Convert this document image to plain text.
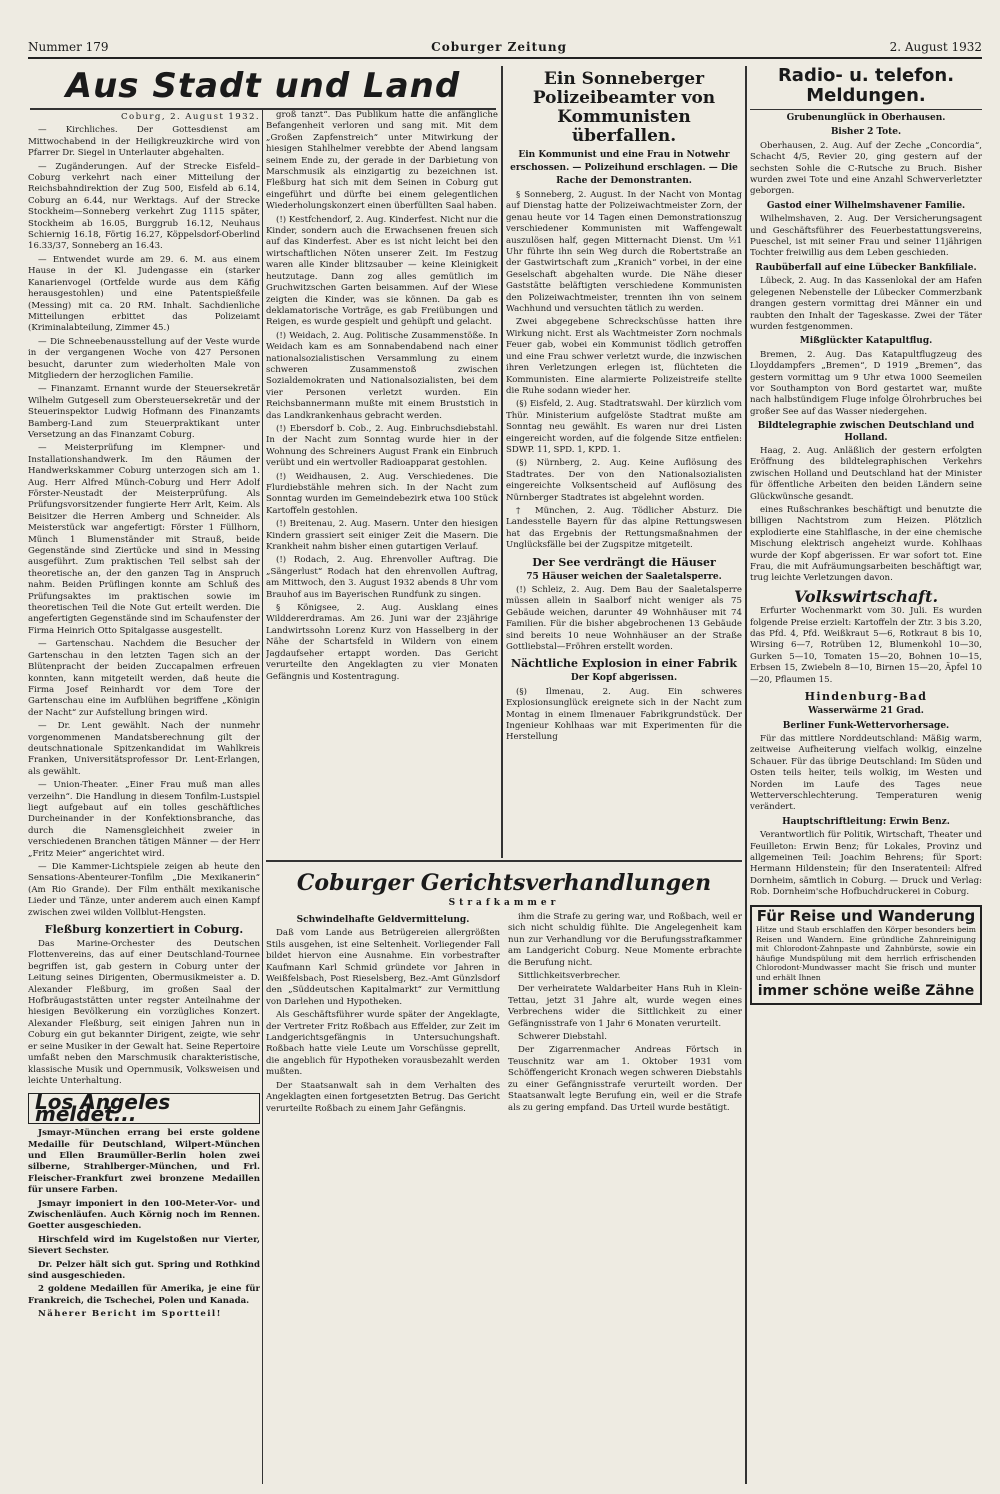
Nummer 179	Coburger Zeitung	2. August 1932
Aus Stadt und Land

Coburg, 2. August 1932.

— Kirchliches. Der Gottesdienst am Mittwochabend in der Heiligkreuzkirche wird von Pfarrer Dr. Siegel in Unterlauter abgehalten.

— Zugänderungen. Auf der Strecke Eisfeld–Coburg verkehrt nach einer Mitteilung der Reichsbahndirektion der Zug 500, Eisfeld ab 6.14, Coburg an 6.44, nur Werktags. Auf der Strecke Stockheim—Sonneberg verkehrt Zug 1115 später, Stockheim ab 16.05, Burggrub 16.12, Neuhaus Schiernig 16.18, Förtig 16.27, Köppelsdorf-Oberlind 16.33/37, Sonneberg an 16.43.

— Entwendet wurde am 29. 6. M. aus einem Hause in der Kl. Judengasse ein (starker Kanarienvogel (Ortfelde wurde aus dem Käfig herausgestohlen) und eine Patentspießfeile (Messing) mit ca. 20 RM. Inhalt. Sachdienliche Mitteilungen erbittet das Polizeiamt (Kriminalabteilung, Zimmer 45.)

— Die Schneebenausstellung auf der Veste wurde in der vergangenen Woche von 427 Personen besucht, darunter zum wiederholten Male von Mitgliedern der herzoglichen Familie.

— Finanzamt. Ernannt wurde der Steuersekretär Wilhelm Gutgesell zum Obersteuersekretär und der Steuerinspektor Ludwig Hofmann des Finanzamts Bamberg-Land zum Steuerpraktikant unter Versetzung an das Finanzamt Coburg.

— Meisterprüfung im Klempner- und Installationshandwerk. Im den Räumen der Handwerkskammer Coburg unterzogen sich am 1. Aug. Herr Alfred Münch-Coburg und Herr Adolf Förster-Neustadt der Meisterprüfung. Als Prüfungsvorsitzender fungierte Herr Arlt, Keim. Als Beisitzer die Herren Amberg und Schneider. Als Meisterstück war angefertigt: Förster 1 Füllhorn, Münch 1 Blumenständer mit Strauß, beide Gegenstände sind Ziertücke und sind in Messing ausgeführt. Zum praktischen Teil selbst sah der theoretische an, der den ganzen Tag in Anspruch nahm. Beiden Prüflingen konnte am Schluß des Prüfungsaktes im praktischen sowie im theoretischen Teil die Note Gut erteilt werden. Die angefertigten Gegenstände sind im Schaufenster der Firma Heinrich Otto Spitalgasse ausgestellt.

— Gartenschau. Nachdem die Besucher der Gartenschau in den letzten Tagen sich an der Blütenpracht der beiden Zuccapalmen erfreuen konnten, kann mitgeteilt werden, daß heute die Firma Josef Reinhardt vor dem Tore der Gartenschau eine im Aufblühen begriffene „Königin der Nacht“ zur Aufstellung bringen wird.

— Dr. Lent gewählt. Nach der nunmehr vorgenommenen Mandatsberechnung gilt der deutschnationale Spitzenkandidat im Wahlkreis Franken, Universitätsprofessor Dr. Lent-Erlangen, als gewählt.

— Union-Theater. „Einer Frau muß man alles verzeihn“. Die Handlung in diesem Tonfilm-Lustspiel liegt aufgebaut auf ein tolles geschäftliches Durcheinander in der Konfektionsbranche, das durch die Namensgleichheit zweier in verschiedenen Branchen tätigen Männer — der Herr „Fritz Meier“ angerichtet wird.

— Die Kammer-Lichtspiele zeigen ab heute den Sensations-Abenteurer-Tonfilm „Die Mexikanerin“ (Am Rio Grande). Der Film enthält mexikanische Lieder und Tänze, unter anderem auch einen Kampf zwischen zwei wilden Vollblut-Hengsten.

Fleßburg konzertiert in Coburg.

Das Marine-Orchester des Deutschen Flottenvereins, das auf einer Deutschland-Tournee begriffen ist, gab gestern in Coburg unter der Leitung seines Dirigenten, Obermusikmeister a. D. Alexander Fleßburg, im großen Saal der Hofbräugaststätten unter regster Anteilnahme der hiesigen Bevölkerung ein vorzügliches Konzert. Alexander Fleßburg, seit einigen Jahren nun in Coburg ein gut bekannter Dirigent, zeigte, wie sehr er seine Musiker in der Gewalt hat. Seine Repertoire umfaßt neben den Marschmusik charakteristische, klassische Musik und Opernmusik, Volksweisen und leichte Unterhaltung.

Los Angeles meldet...

Jsmayr-München errang bei erste goldene Medaille für Deutschland, Wilpert-München und Ellen Braumüller-Berlin holen zwei silberne, Strahlberger-München, und Frl. Fleischer-Frankfurt zwei bronzene Medaillen für unsere Farben.

Jsmayr imponiert in den 100-Meter-Vor- und Zwischenläufen. Auch Körnig noch im Rennen. Goetter ausgeschieden.

Hirschfeld wird im Kugelstoßen nur Vierter, Sievert Sechster.

Dr. Pelzer hält sich gut. Spring und Rothkind sind ausgeschieden.

2 goldene Medaillen für Amerika, je eine für Frankreich, die Tschechei, Polen und Kanada.

Näherer Bericht im Sportteil!

groß tanzt“. Das Publikum hatte die anfängliche Befangenheit verloren und sang mit. Mit dem „Großen Zapfenstreich“ unter Mitwirkung der hiesigen Stahlhelmer verebbte der Abend langsam seinem Ende zu, der gerade in der Darbietung von Marschmusik als einzigartig zu bezeichnen ist. Fleßburg hat sich mit dem Seinen in Coburg gut eingeführt und dürfte bei einem gelegentlichen Wiederholungskonzert einen überfüllten Saal haben.

(!) Kestfchendorf, 2. Aug. Kinderfest. Nicht nur die Kinder, sondern auch die Erwachsenen freuen sich auf das Kinderfest. Aber es ist nicht leicht bei den wirtschaftlichen Nöten unserer Zeit. Im Festzug waren alle Kinder blitzsauber — keine Kleinigkeit heutzutage. Dann zog alles gemütlich im Gruchwitzschen Garten beisammen. Auf der Wiese zeigten die Kinder, was sie können. Da gab es deklamatorische Vorträge, es gab Freiübungen und Reigen, es wurde gespielt und gehüpft und gelacht.

(!) Weidach, 2. Aug. Politische Zusammenstöße. In Weidach kam es am Sonnabendabend nach einer nationalsozialistischen Versammlung zu einem schweren Zusammenstoß zwischen Sozialdemokraten und Nationalsozialisten, bei dem vier Personen verletzt wurden. Ein Reichsbannermann mußte mit einem Bruststich in das Landkrankenhaus gebracht werden.

(!) Ebersdorf b. Cob., 2. Aug. Einbruchsdiebstahl. In der Nacht zum Sonntag wurde hier in der Wohnung des Schreiners August Frank ein Einbruch verübt und ein wertvoller Radioapparat gestohlen.

(!) Weidhausen, 2. Aug. Verschiedenes. Die Flurdiebstähle mehren sich. In der Nacht zum Sonntag wurden im Gemeindebezirk etwa 100 Stück Kartoffeln gestohlen.

(!) Breitenau, 2. Aug. Masern. Unter den hiesigen Kindern grassiert seit einiger Zeit die Masern. Die Krankheit nahm bisher einen gutartigen Verlauf.

(!) Rodach, 2. Aug. Ehrenvoller Auftrag. Die „Sängerlust“ Rodach hat den ehrenvollen Auftrag, am Mittwoch, den 3. August 1932 abends 8 Uhr vom Brauhof aus im Bayerischen Rundfunk zu singen.

§ Königsee, 2. Aug. Ausklang eines Wilddererdramas. Am 26. Juni war der 23jährige Landwirtssohn Lorenz Kurz von Hasselberg in der Nähe der Schartsfeld in Wildern von einem Jagdaufseher ertappt worden. Das Gericht verurteilte den Angeklagten zu vier Monaten Gefängnis und Kostentragung.

Ein Sonneberger Polizeibeamter von Kommunisten überfallen.
Ein Kommunist und eine Frau in Notwehr erschossen. — Polizeihund erschlagen. — Die Rache der Demonstranten.

§ Sonneberg, 2. August. In der Nacht von Montag auf Dienstag hatte der Polizeiwachtmeister Zorn, der genau heute vor 14 Tagen einen Demonstrationszug verschiedener Kommunisten mit Waffengewalt auszulösen half, gegen Mitternacht Dienst. Um ½1 Uhr führte ihn sein Weg durch die Robertstraße an der Gastwirtschaft zum „Kranich“ vorbei, in der eine Geselschaft abgehalten wurde. Die Nähe dieser Gaststätte beläftigten verschiedene Kommunisten den Polizeiwachtmeister, trennten ihn von seinem Wachhund und versuchten tätlich zu werden.

Zwei abgegebene Schreckschüsse hatten ihre Wirkung nicht. Erst als Wachtmeister Zorn nochmals Feuer gab, wobei ein Kommunist tödlich getroffen und eine Frau schwer verletzt wurde, die inzwischen ihren Verletzungen erlegen ist, flüchteten die Kommunisten. Eine alarmierte Polizeistreife stellte die Ruhe sodann wieder her.

(§) Eisfeld, 2. Aug. Stadtratswahl. Der kürzlich vom Thür. Ministerium aufgelöste Stadtrat mußte am Sonntag neu gewählt. Es waren nur drei Listen eingereicht worden, auf die folgende Sitze entfielen: SDWP. 11, SPD. 1, KPD. 1.

(§) Nürnberg, 2. Aug. Keine Auflösung des Stadtrates. Der von den Nationalsozialisten eingereichte Volksentscheid auf Auflösung des Nürnberger Stadtrates ist abgelehnt worden.

† München, 2. Aug. Tödlicher Absturz. Die Landesstelle Bayern für das alpine Rettungswesen hat das Ergebnis der Rettungsmaßnahmen der Unglücksfälle bei der Zugspitze mitgeteilt.

Der See verdrängt die Häuser
75 Häuser weichen der Saaletalsperre.

(!) Schleiz, 2. Aug. Dem Bau der Saaletalsperre müssen allein in Saalborf nicht weniger als 75 Gebäude weichen, darunter 49 Wohnhäuser mit 74 Familien. Für die bisher abgebrochenen 13 Gebäude sind bereits 10 neue Wohnhäuser an der Straße Gottliebstal—Fröhren erstellt worden.

Nächtliche Explosion in einer Fabrik
Der Kopf abgerissen.

(§) Ilmenau, 2. Aug. Ein schweres Explosionsunglück ereignete sich in der Nacht zum Montag in einem Ilmenauer Fabrikgrundstück. Der Ingenieur Kohlhaas war mit Experimenten für die Herstellung

Coburger Gerichtsverhandlungen
Strafkammer
Schwindelhafte Geldvermittelung.

Daß vom Lande aus Betrügereien allergrößten Stils ausgehen, ist eine Seltenheit. Vorliegender Fall bildet hiervon eine Ausnahme. Ein vorbestrafter Kaufmann Karl Schmid gründete vor Jahren in Weißfelsbach, Post Rieselsberg, Bez.-Amt Günzlsdorf den „Süddeutschen Kapitalmarkt“ zur Vermittlung von Darlehen und Hypotheken.

Als Geschäftsführer wurde später der Angeklagte, der Vertreter Fritz Roßbach aus Effelder, zur Zeit im Landgerichtsgefängnis in Untersuchungshaft. Roßbach hatte viele Leute um Vorschüsse geprellt, die angeblich für Hypotheken vorausbezahlt werden mußten.

Der Staatsanwalt sah in dem Verhalten des Angeklagten einen fortgesetzten Betrug. Das Gericht verurteilte Roßbach zu einem Jahr Gefängnis.

ihm die Strafe zu gering war, und Roßbach, weil er sich nicht schuldig fühlte. Die Angelegenheit kam nun zur Verhandlung vor die Berufungsstrafkammer am Landgericht Coburg. Neue Momente erbrachte die Berufung nicht.

Sittlichkeitsverbrecher.

Der verheiratete Waldarbeiter Hans Ruh in Klein-Tettau, jetzt 31 Jahre alt, wurde wegen eines Verbrechens wider die Sittlichkeit zu einer Gefängnisstrafe von 1 Jahr 6 Monaten verurteilt.

Schwerer Diebstahl.

Der Zigarrenmacher Andreas Förtsch in Teuschnitz war am 1. Oktober 1931 vom Schöffengericht Kronach wegen schweren Diebstahls zu einer Gefängnisstrafe verurteilt worden. Der Staatsanwalt legte Berufung ein, weil er die Strafe als zu gering empfand. Das Urteil wurde bestätigt.

Radio- u. telefon. Meldungen.
Grubenunglück in Oberhausen.
Bisher 2 Tote.

Oberhausen, 2. Aug. Auf der Zeche „Concordia“, Schacht 4/5, Revier 20, ging gestern auf der sechsten Sohle die C-Rutsche zu Bruch. Bisher wurden zwei Tote und eine Anzahl Schwerverletzter geborgen.

Gastod einer Wilhelmshavener Familie.

Wilhelmshaven, 2. Aug. Der Versicherungsagent und Geschäftsführer des Feuerbestattungsvereins, Pueschel, ist mit seiner Frau und seiner 11jährigen Tochter freiwillig aus dem Leben geschieden.

Raubüberfall auf eine Lübecker Bankfiliale.

Lübeck, 2. Aug. In das Kassenlokal der am Hafen gelegenen Nebenstelle der Lübecker Commerzbank drangen gestern vormittag drei Männer ein und raubten den Inhalt der Tageskasse. Zwei der Täter wurden festgenommen.

Mißglückter Katapultflug.

Bremen, 2. Aug. Das Katapultflugzeug des Lloyddampfers „Bremen“, D 1919 „Bremen“, das gestern vormittag um 9 Uhr etwa 1000 Seemeilen vor Southampton von Bord gestartet war, mußte nach halbstündigem Fluge infolge Ölrohrbruches bei großer See auf das Wasser niedergehen.

Bildtelegraphie zwischen Deutschland und Holland.

Haag, 2. Aug. Anläßlich der gestern erfolgten Eröffnung des bildtelegraphischen Verkehrs zwischen Holland und Deutschland hat der Minister für öffentliche Arbeiten den beiden Ländern seine Glückwünsche gesandt.

eines Rußschrankes beschäftigt und benutzte die billigen Nachtstrom zum Heizen. Plötzlich explodierte eine Stahlflasche, in der eine chemische Mischung elektrisch angeheizt wurde. Kohlhaas wurde der Kopf abgerissen. Er war sofort tot. Eine Frau, die mit Aufräumungsarbeiten beschäftigt war, trug leichte Verletzungen davon.

Volkswirtschaft.

Erfurter Wochenmarkt vom 30. Juli. Es wurden folgende Preise erzielt: Kartoffeln der Ztr. 3 bis 3.20, das Pfd. 4, Pfd. Weißkraut 5—6, Rotkraut 8 bis 10, Wirsing 6—7, Rotrüben 12, Blumenkohl 10—30, Gurken 5—10, Tomaten 15—20, Bohnen 10—15, Erbsen 15, Zwiebeln 8—10, Birnen 15—20, Äpfel 10—20, Pflaumen 15.

Hindenburg-Bad
Wasserwärme 21 Grad.
Berliner Funk-Wettervorhersage.

Für das mittlere Norddeutschland: Mäßig warm, zeitweise Aufheiterung vielfach wolkig, einzelne Schauer. Für das übrige Deutschland: Im Süden und Osten teils heiter, teils wolkig, im Westen und Norden im Laufe des Tages neue Wetterverschlechterung. Temperaturen wenig verändert.

Hauptschriftleitung: Erwin Benz.

Verantwortlich für Politik, Wirtschaft, Theater und Feuilleton: Erwin Benz; für Lokales, Provinz und allgemeinen Teil: Joachim Behrens; für Sport: Hermann Hildenstein; für den Inseratenteil: Alfred Dornheim, sämtlich in Coburg. — Druck und Verlag: Rob. Dornheim'sche Hofbuchdruckerei in Coburg.

Für Reise und Wanderung
Hitze und Staub erschlaffen den Körper besonders beim Reisen und Wandern. Eine gründliche Zahnreinigung mit Chlorodont-Zahnpaste und Zahnbürste, sowie ein häufige Mundspülung mit dem herrlich erfrischenden Chlorodont-Mundwasser macht Sie frisch und munter und erhält Ihnen
immer schöne weiße Zähne
